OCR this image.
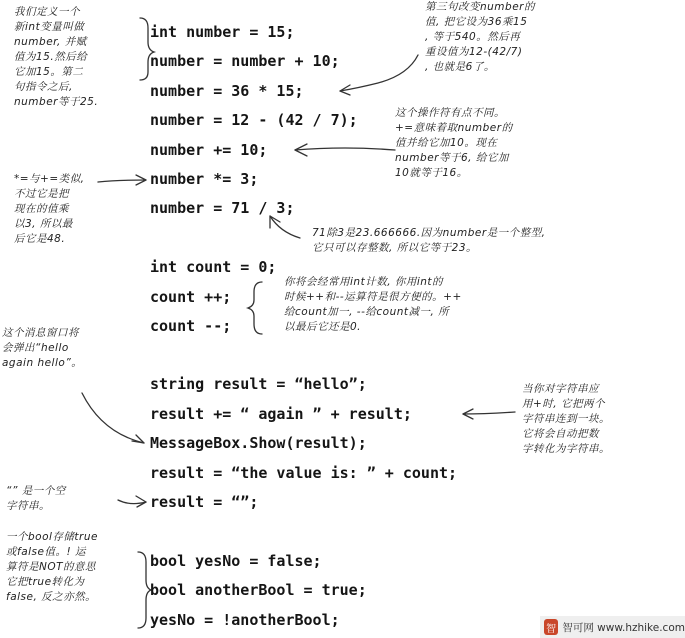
int number = 15;
number = number + 10;
number = 36 * 15;
number = 12 - (42 / 7);
number += 10;
number *= 3;
number = 71 / 3;
int count = 0;
count ++;
count --;
string result = “hello”;
result += “ again ” + result;
MessageBox.Show(result);
result = “the value is: ” + count;
result = “”;
bool yesNo = false;
bool anotherBool = true;
yesNo = !anotherBool;
我们定义一个
新int变量叫做
number, 并赋
值为15.然后给
它加15。第二
句指令之后,
number等于25.
第三句改变number的
值, 把它设为36乘15
, 等于540。然后再
重设值为12-(42/7)
, 也就是6了。
这个操作符有点不同。
+=意味着取number的
值并给它加10。现在
number等于6, 给它加
10就等于16。
*=与+=类似,
不过它是把
现在的值乘
以3, 所以最
后它是48.	71除3是23.666666.因为number是一个整型,
它只可以存整数, 所以它等于23。
你将会经常用int计数, 你用int的
时候++和--运算符是很方便的。++
给count加一, --给count减一, 所
以最后它还是0.
这个消息窗口将
会弹出“hello
again hello”。
当你对字符串应
用+时, 它把两个
字符串连到一块。
它将会自动把数
字转化为字符串。
“” 是一个空
字符串。
一个bool存储true
或false值。! 运
算符是NOT的意思
它把true转化为
false, 反之亦然。
智 智可网 www.hzhike.com
